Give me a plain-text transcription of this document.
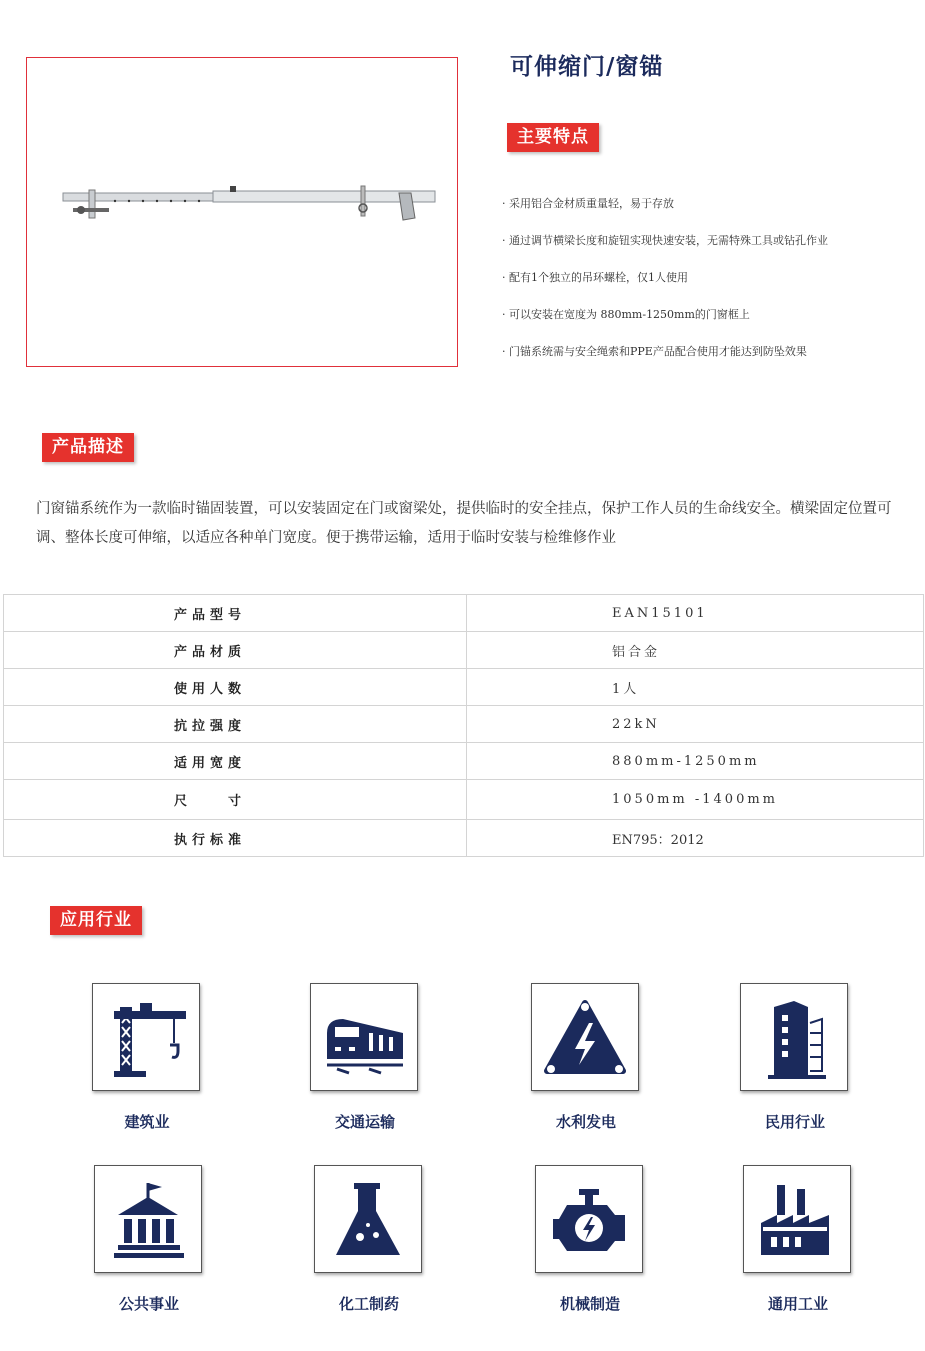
可伸缩门/窗锚
主要特点
· 采用铝合金材质重量轻，易于存放
· 通过调节横梁长度和旋钮实现快速安装，无需特殊工具或钻孔作业
· 配有1个独立的吊环螺栓，仅1人使用
· 可以安装在宽度为 880mm-1250mm的门窗框上
· 门锚系统需与安全绳索和PPE产品配合使用才能达到防坠效果
产品描述
门窗锚系统作为一款临时锚固装置，可以安装固定在门或窗梁处，提供临时的安全挂点，保护工作人员的生命线安全。横梁固定位置可调、整体长度可伸缩，以适应各种单门宽度。便于携带运输，适用于临时安装与检维修作业
产品型号	EAN15101
产品材质	铝合金
使用人数	1人
抗拉强度	22kN
适用宽度	880mm-1250mm
尺　　寸	1050mm -1400mm
执行标准	EN795：2012
应用行业
建筑业	交通运输	水利发电	民用行业
公共事业	化工制药	机械制造	通用工业
